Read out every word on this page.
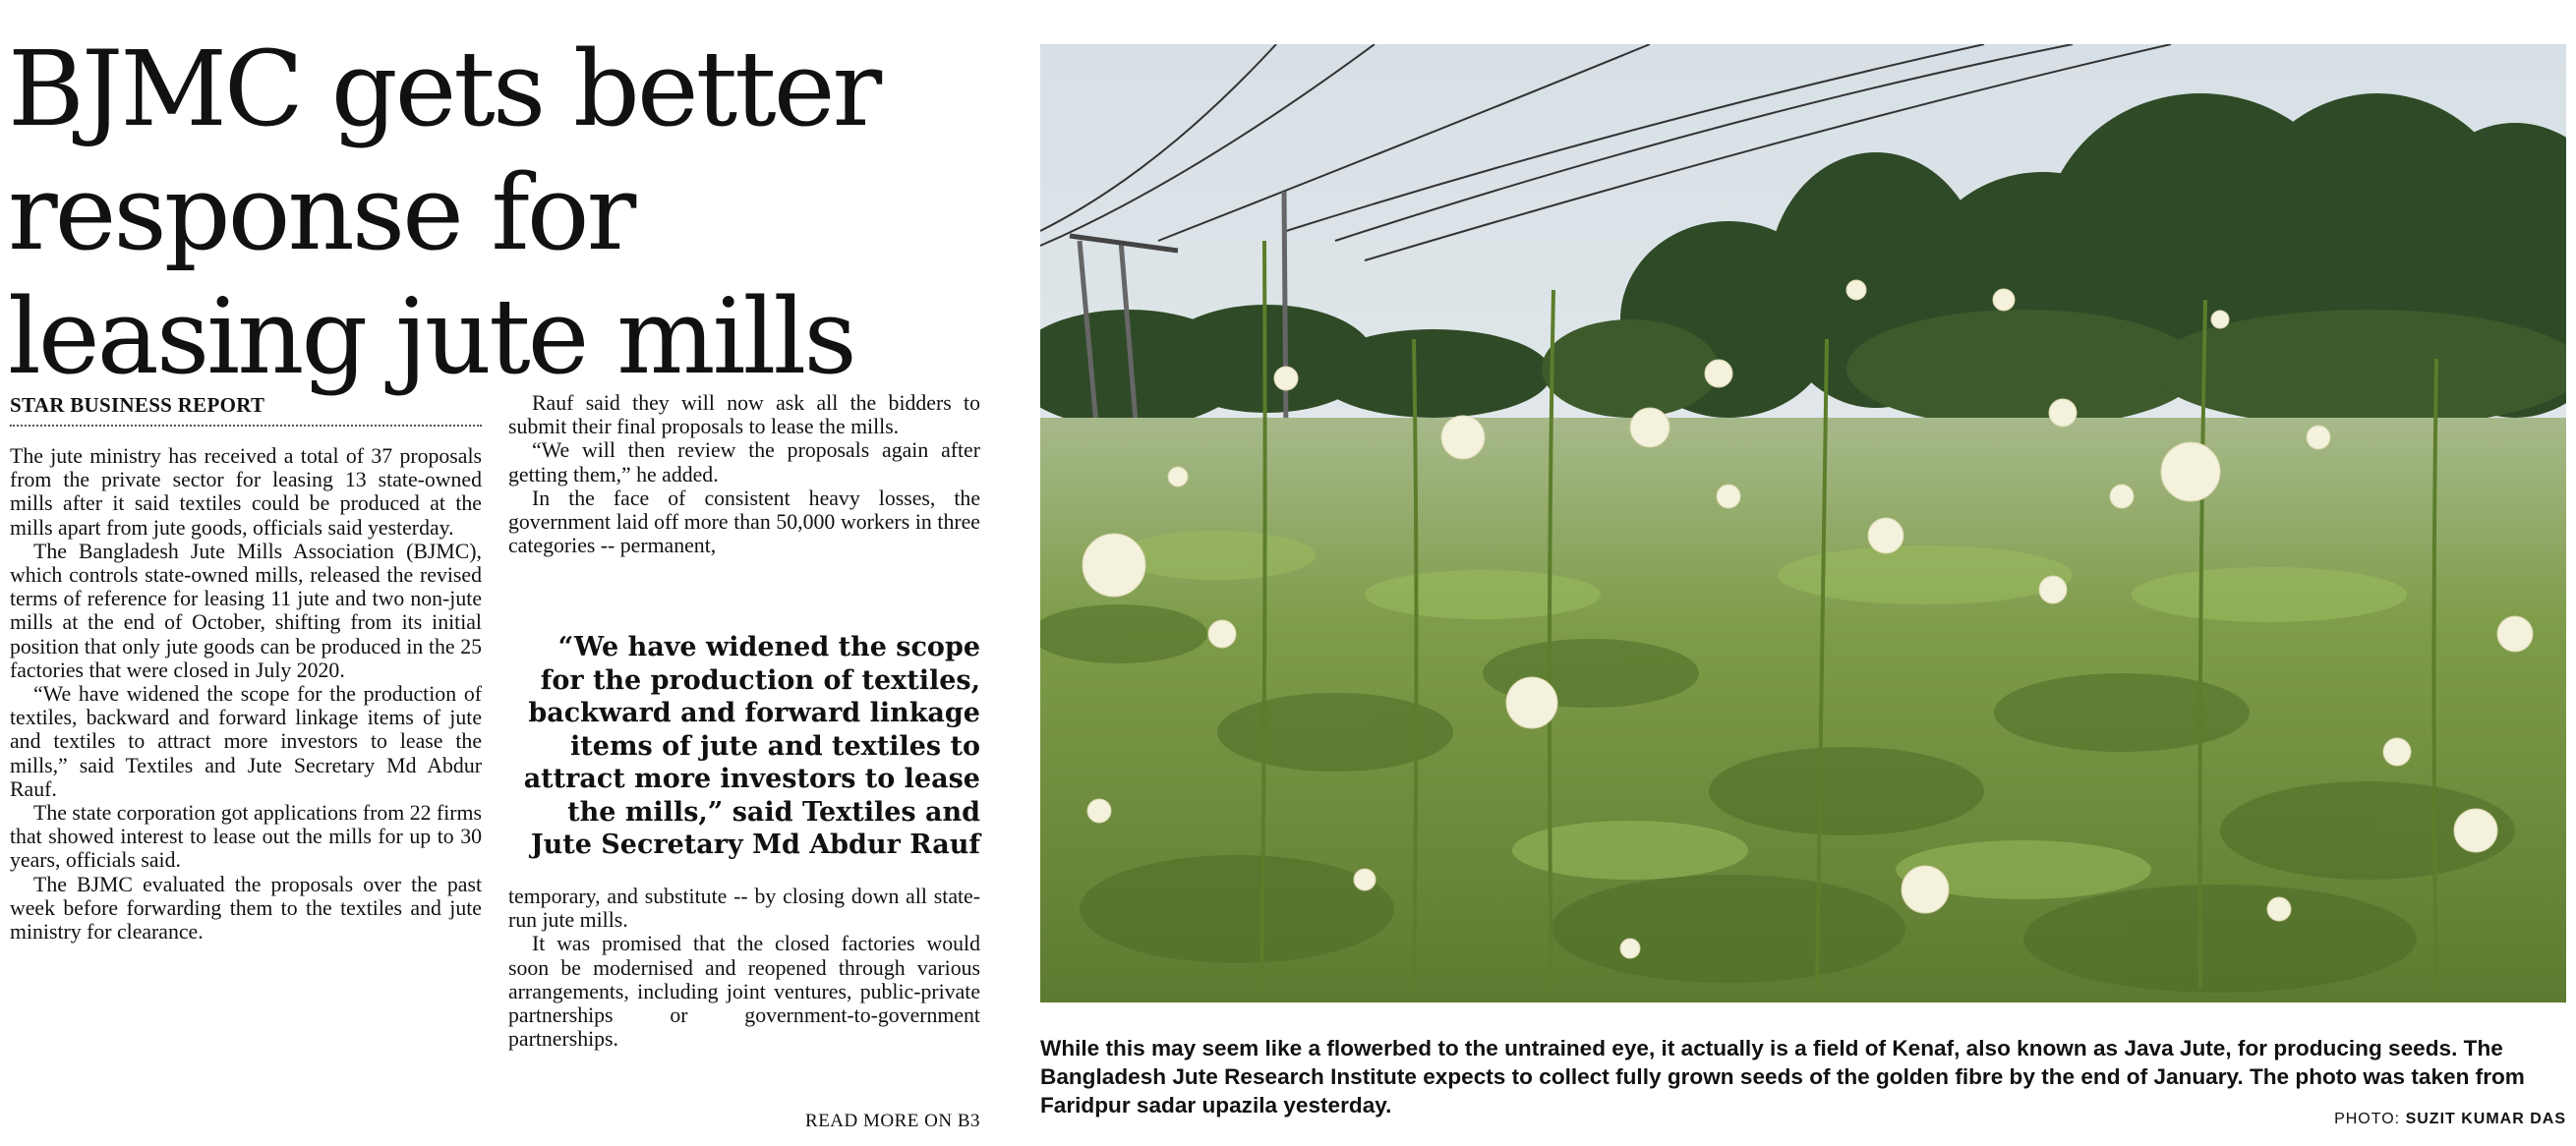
BJMC gets better
response for
leasing jute mills
STAR BUSINESS REPORT

The jute ministry has received a total of 37 proposals from the private sector for leasing 13 state-owned mills after it said textiles could be produced at the mills apart from jute goods, officials said yesterday.

The Bangladesh Jute Mills Association (BJMC), which controls state-owned mills, released the revised terms of reference for leasing 11 jute and two non-jute mills at the end of October, shifting from its initial position that only jute goods can be produced in the 25 factories that were closed in July 2020.

“We have widened the scope for the production of textiles, backward and forward linkage items of jute and textiles to attract more investors to lease the mills,” said Textiles and Jute Secretary Md Abdur Rauf.

The state corporation got applications from 22 firms that showed interest to lease out the mills for up to 30 years, officials said.

The BJMC evaluated the proposals over the past week before forwarding them to the textiles and jute ministry for clearance.

Rauf said they will now ask all the bidders to submit their final proposals to lease the mills.

“We will then review the proposals again after getting them,” he added.

In the face of consistent heavy losses, the government laid off more than 50,000 workers in three categories -- permanent,

“We have widened the scope
for the production of textiles,
backward and forward linkage
items of jute and textiles to
attract more investors to lease
the mills,” said Textiles and
Jute Secretary Md Abdur Rauf

temporary, and substitute -- by closing down all state-run jute mills.

It was promised that the closed factories would soon be modernised and reopened through various arrangements, including joint ventures, public-private partnerships or government-to-government partnerships.

READ MORE ON B3
While this may seem like a flowerbed to the untrained eye, it actually is a field of Kenaf, also known as Java Jute, for producing seeds. The
Bangladesh Jute Research Institute expects to collect fully grown seeds of the golden fibre by the end of January. The photo was taken from
Faridpur sadar upazila yesterday.
PHOTO: SUZIT KUMAR DAS
